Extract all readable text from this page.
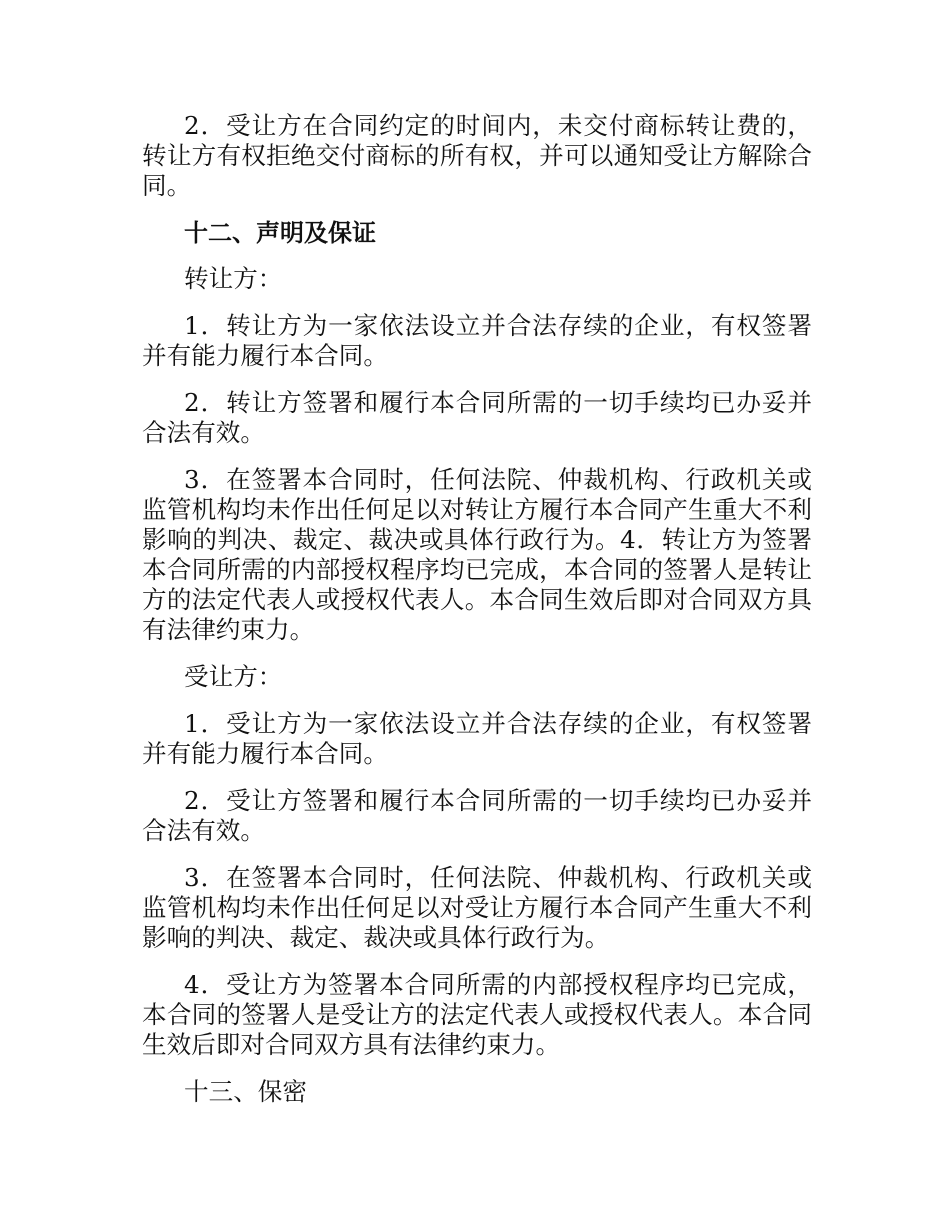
2．受让方在合同约定的时间内，未交付商标转让费的，转让方有权拒绝交付商标的所有权，并可以通知受让方解除合同。

十二、声明及保证

转让方：

1．转让方为一家依法设立并合法存续的企业，有权签署并有能力履行本合同。

2．转让方签署和履行本合同所需的一切手续均已办妥并合法有效。

3．在签署本合同时，任何法院、仲裁机构、行政机关或监管机构均未作出任何足以对转让方履行本合同产生重大不利影响的判决、裁定、裁决或具体行政行为。4．转让方为签署本合同所需的内部授权程序均已完成，本合同的签署人是转让方的法定代表人或授权代表人。本合同生效后即对合同双方具有法律约束力。

受让方：

1．受让方为一家依法设立并合法存续的企业，有权签署并有能力履行本合同。

2．受让方签署和履行本合同所需的一切手续均已办妥并合法有效。

3．在签署本合同时，任何法院、仲裁机构、行政机关或监管机构均未作出任何足以对受让方履行本合同产生重大不利影响的判决、裁定、裁决或具体行政行为。

4．受让方为签署本合同所需的内部授权程序均已完成，本合同的签署人是受让方的法定代表人或授权代表人。本合同生效后即对合同双方具有法律约束力。

十三、保密
